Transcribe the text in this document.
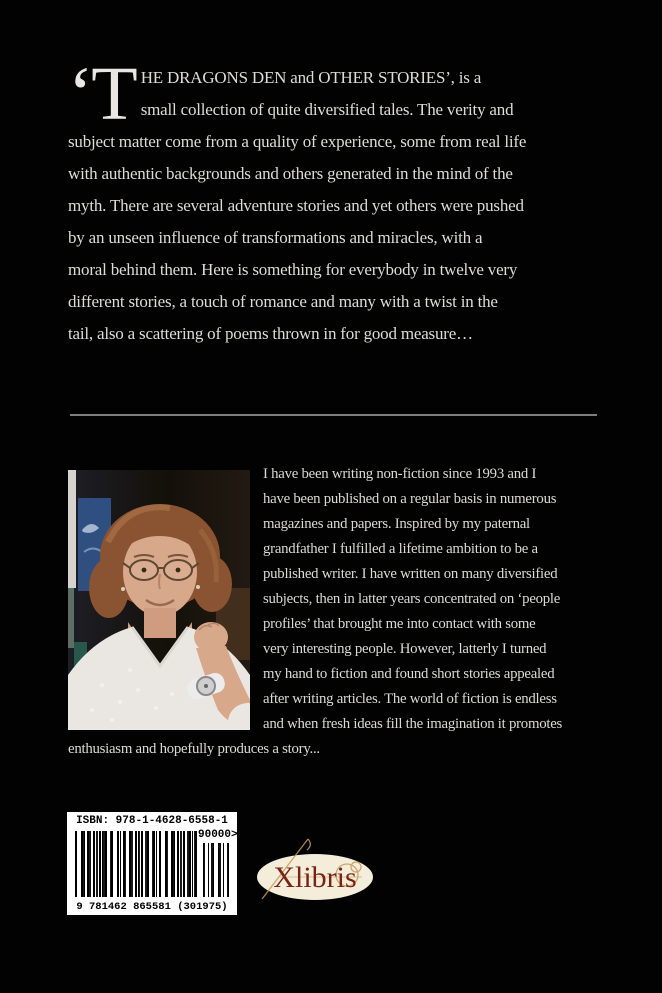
‘T HE DRAGONS DEN and OTHER STORIES’, is a
small collection of quite diversified tales. The verity and
subject matter come from a quality of experience, some from real life
with authentic backgrounds and others generated in the mind of the
myth. There are several adventure stories and yet others were pushed
by an unseen influence of transformations and miracles, with a
moral behind them. Here is something for everybody in twelve very
different stories, a touch of romance and many with a twist in the
tail, also a scattering of poems thrown in for good measure…
I have been writing non-fiction since 1993 and I
have been published on a regular basis in numerous
magazines and papers. Inspired by my paternal
grandfather I fulfilled a lifetime ambition to be a
published writer. I have written on many diversified
subjects, then in latter years concentrated on ‘people
profiles’ that brought me into contact with some
very interesting people. However, latterly I turned
my hand to fiction and found short stories appealed
after writing articles. The world of fiction is endless
and when fresh ideas fill the imagination it promotes
enthusiasm and hopefully produces a story...
ISBN: 978-1-4628-6558-1
90000>
9 781462 865581 (301975)
Xlibris
